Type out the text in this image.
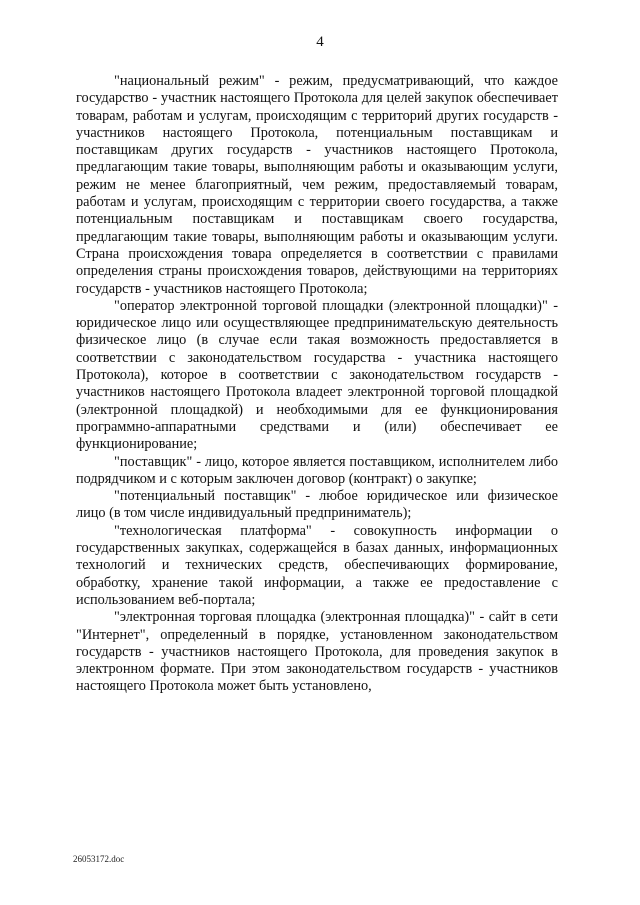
4

"национальный режим" - режим, предусматривающий, что каждое государство - участник настоящего Протокола для целей закупок обеспечивает товарам, работам и услугам, происходящим с территорий других государств - участников настоящего Протокола, потенциальным поставщикам и поставщикам других государств - участников настоящего Протокола, предлагающим такие товары, выполняющим работы и оказывающим услуги, режим не менее благоприятный, чем режим, предоставляемый товарам, работам и услугам, происходящим с территории своего государства, а также потенциальным поставщикам и поставщикам своего государства, предлагающим такие товары, выполняющим работы и оказывающим услуги. Страна происхождения товара определяется в соответствии с правилами определения страны происхождения товаров, действующими на территориях государств - участников настоящего Протокола;

"оператор электронной торговой площадки (электронной площадки)" - юридическое лицо или осуществляющее предпринимательскую деятельность физическое лицо (в случае если такая возможность предоставляется в соответствии с законодательством государства - участника настоящего Протокола), которое в соответствии с законодательством государств - участников настоящего Протокола владеет электронной торговой площадкой (электронной площадкой) и необходимыми для ее функционирования программно-аппаратными средствами и (или) обеспечивает ее функционирование;

"поставщик" - лицо, которое является поставщиком, исполнителем либо подрядчиком и с которым заключен договор (контракт) о закупке;

"потенциальный поставщик" - любое юридическое или физическое лицо (в том числе индивидуальный предприниматель);

"технологическая платформа" - совокупность информации о государственных закупках, содержащейся в базах данных, информационных технологий и технических средств, обеспечивающих формирование, обработку, хранение такой информации, а также ее предоставление с использованием веб-портала;

"электронная торговая площадка (электронная площадка)" - сайт в сети "Интернет", определенный в порядке, установленном законодательством государств - участников настоящего Протокола, для проведения закупок в электронном формате. При этом законодательством государств - участников настоящего Протокола может быть установлено,

26053172.doc
